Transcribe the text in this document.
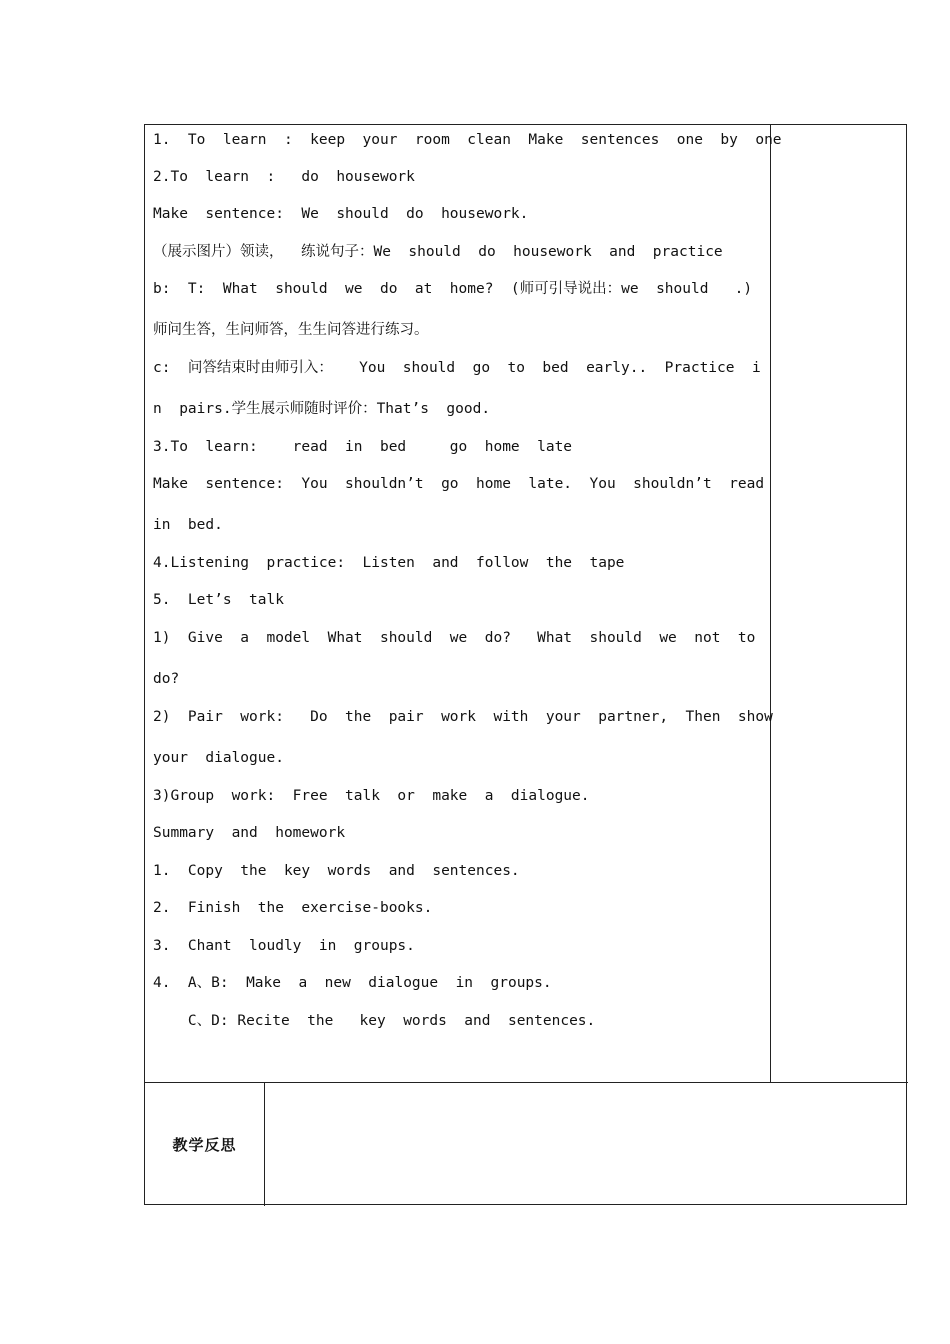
1.  To  learn  :  keep  your  room  clean  Make  sentences  one  by  one
2.To  learn  :   do  housework
Make  sentence:  We  should  do  housework.
（展示图片）领读，  练说句子：We  should  do  housework  and  practice
b:  T:  What  should  we  do  at  home?  (师可引导说出：we  should   .)
师问生答，生问师答，生生问答进行练习。
c:  问答结束时由师引入：   You  should  go  to  bed  early..  Practice  i
n  pairs.学生展示师随时评价：That’s  good.
3.To  learn:    read  in  bed     go  home  late
Make  sentence:  You  shouldn’t  go  home  late.  You  shouldn’t  read
in  bed.
4.Listening  practice:  Listen  and  follow  the  tape
5.  Let’s  talk
1)  Give  a  model  What  should  we  do?   What  should  we  not  to
do?
2)  Pair  work:   Do  the  pair  work  with  your  partner,  Then  show
your  dialogue.
3)Group  work:  Free  talk  or  make  a  dialogue.
Summary  and  homework
1.  Copy  the  key  words  and  sentences.
2.  Finish  the  exercise-books.
3.  Chant  loudly  in  groups.
4.  A、B:  Make  a  new  dialogue  in  groups.
C、D: Recite  the   key  words  and  sentences.
教学反思
